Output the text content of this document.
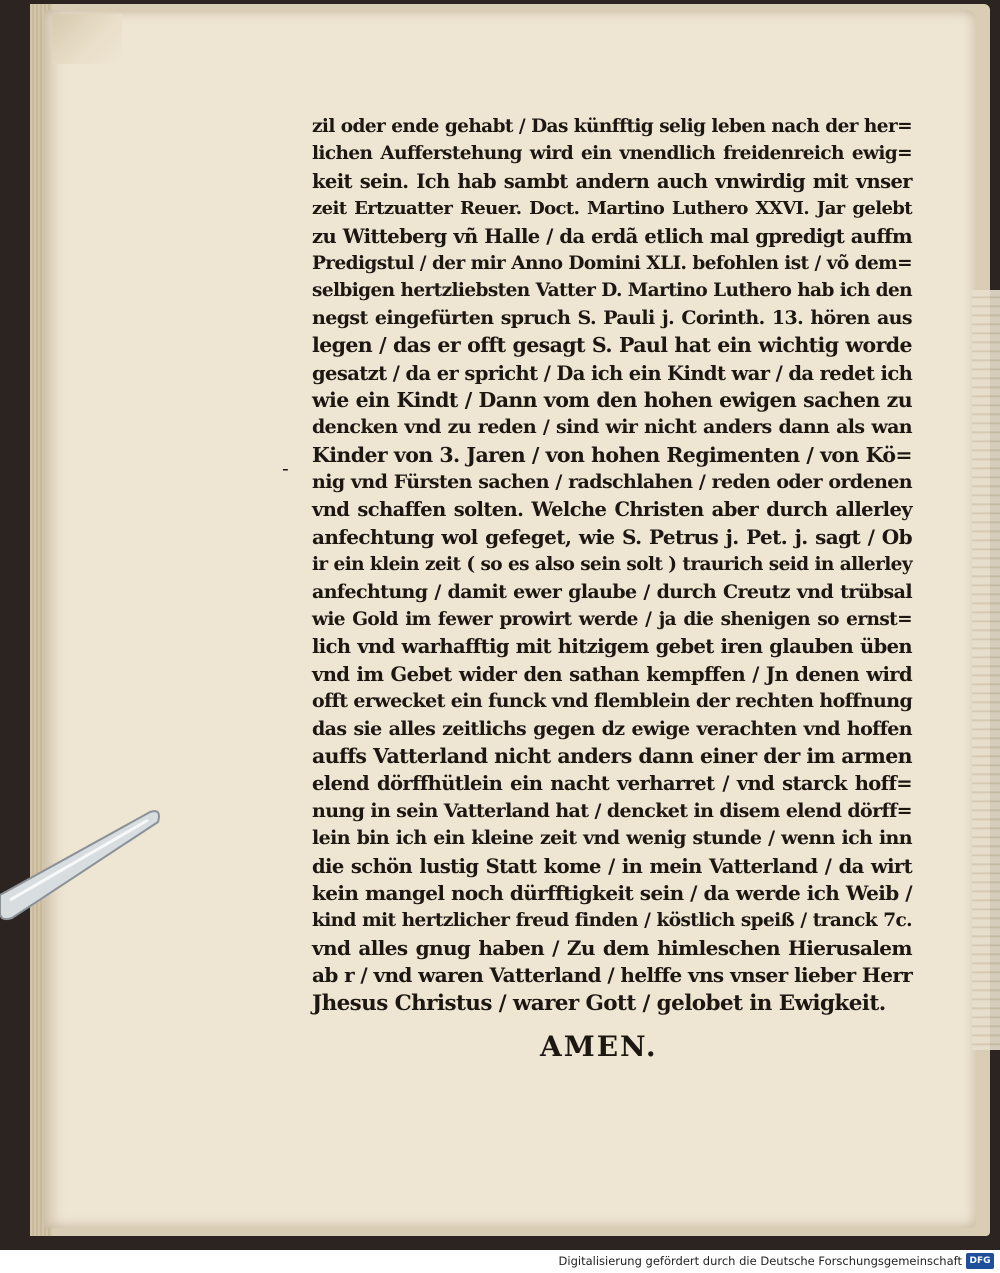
zil oder ende gehabt / Das künfftig selig leben nach der her=
lichen Aufferstehung wird ein vnendlich freidenreich ewig=
keit sein. Ich hab sambt andern auch vnwirdig mit vnser
zeit Ertzuatter Reuer. Doct. Martino Luthero XXVI. Jar gelebt
zu Witteberg vñ Halle / da erdã etlich mal gpredigt auffm
Predigstul / der mir Anno Domini XLI. befohlen ist / võ dem=
selbigen hertzliebsten Vatter D. Martino Luthero hab ich den
negst eingefürten spruch S. Pauli j. Corinth. 13. hören aus
legen / das er offt gesagt S. Paul hat ein wichtig worde
gesatzt / da er spricht / Da ich ein Kindt war / da redet ich
wie ein Kindt / Dann vom den hohen ewigen sachen zu
dencken vnd zu reden / sind wir nicht anders dann als wan
Kinder von 3. Jaren / von hohen Regimenten / von Kö=
nig vnd Fürsten sachen / radschlahen / reden oder ordenen
vnd schaffen solten. Welche Christen aber durch allerley
anfechtung wol gefeget, wie S. Petrus j. Pet. j. sagt / Ob
ir ein klein zeit ( so es also sein solt ) traurich seid in allerley
anfechtung / damit ewer glaube / durch Creutz vnd trübsal
wie Gold im fewer prowirt werde / ja die shenigen so ernst=
lich vnd warhafftig mit hitzigem gebet iren glauben üben
vnd im Gebet wider den sathan kempffen / Jn denen wird
offt erwecket ein funck vnd flemblein der rechten hoffnung
das sie alles zeitlichs gegen dz ewige verachten vnd hoffen
auffs Vatterland nicht anders dann einer der im armen
elend dörffhütlein ein nacht verharret / vnd starck hoff=
nung in sein Vatterland hat / dencket in disem elend dörff=
lein bin ich ein kleine zeit vnd wenig stunde / wenn ich inn
die schön lustig Statt kome / in mein Vatterland / da wirt
kein mangel noch dürfftigkeit sein / da werde ich Weib /
kind mit hertzlicher freud finden / köstlich speiß / tranck 7c.
vnd alles gnug haben / Zu dem himleschen Hierusalem
ab r / vnd waren Vatterland / helffe vns vnser lieber Herr
Jhesus Christus / warer Gott / gelobet in Ewigkeit.
-
AMEN.
Digitalisierung gefördert durch die Deutsche Forschungsgemeinschaft DFG
